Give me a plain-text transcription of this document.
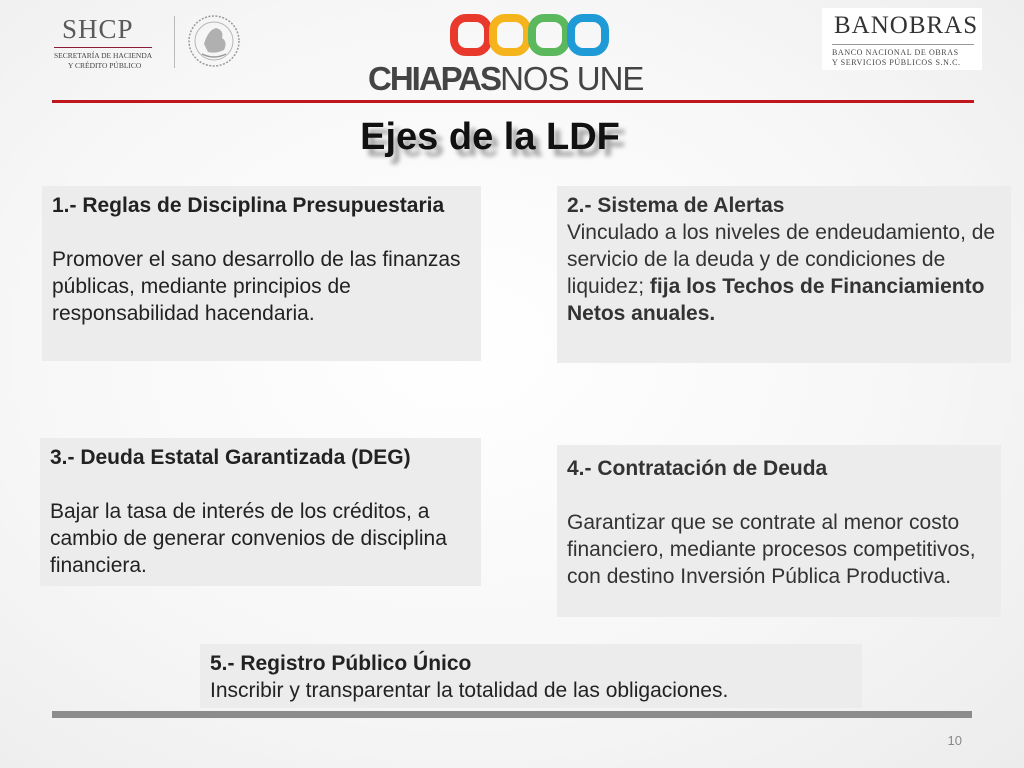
SHCP
SECRETARÍA DE HACIENDA
Y CRÉDITO PÚBLICO	CHIAPASNOS UNE
BANOBRAS
BANCO NACIONAL DE OBRAS
Y SERVICIOS PÚBLICOS S.N.C.
Ejes de la LDF
1.- Reglas de Disciplina Presupuestaria

Promover el sano desarrollo de las finanzas públicas, mediante principios de responsabilidad hacendaria.

2.- Sistema de Alertas

Vinculado a los niveles de endeudamiento, de servicio de la deuda y de condiciones de liquidez; fija los Techos de Financiamiento Netos anuales.

3.- Deuda Estatal Garantizada (DEG)

Bajar la tasa de interés de los créditos, a cambio de generar convenios de disciplina financiera.

4.- Contratación de Deuda

Garantizar que se contrate al menor costo financiero, mediante procesos competitivos, con destino Inversión Pública Productiva.

5.- Registro Público Único

Inscribir y transparentar la totalidad de las obligaciones.

10
